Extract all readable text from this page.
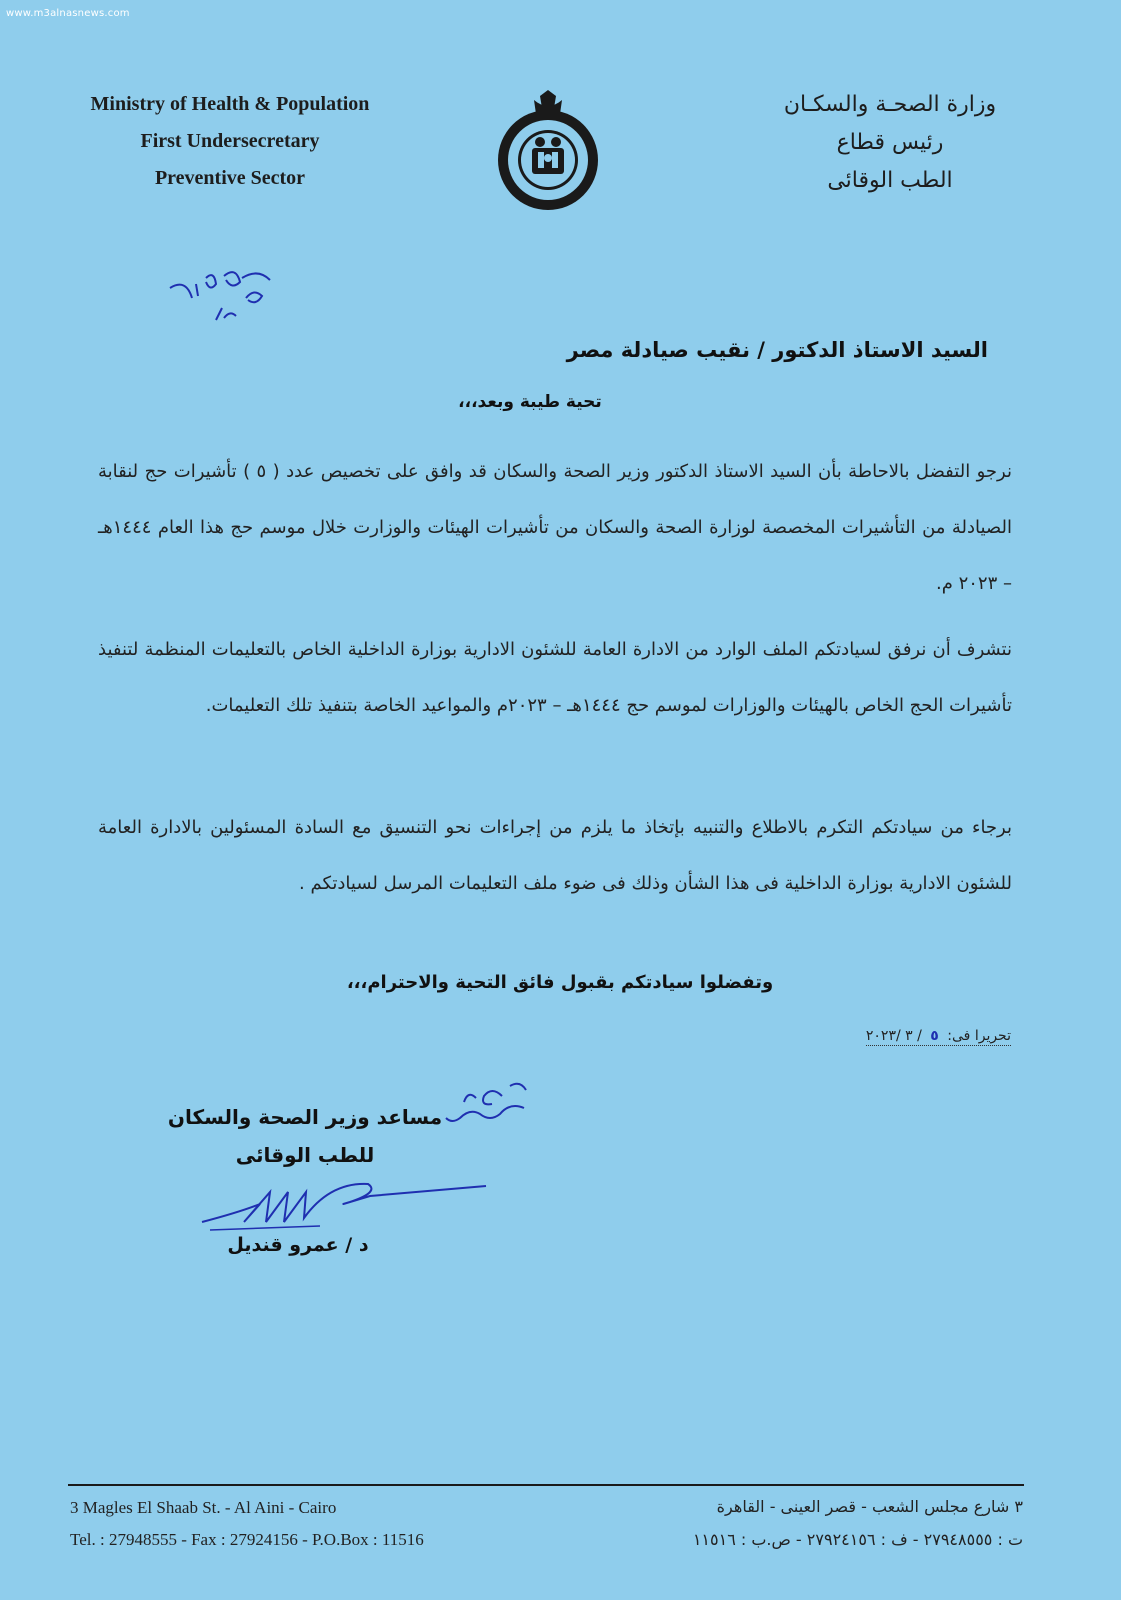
www.m3alnasnews.com
Ministry of Health & Population
First Undersecretary
Preventive Sector
وزارة الصحـة والسكـان
رئيس قطاع
الطب الوقائى
السيد الاستاذ الدكتور / نقيب صيادلة مصر
تحية طيبة وبعد،،،
نرجو التفضل بالاحاطة بأن السيد الاستاذ الدكتور وزير الصحة والسكان قد وافق على تخصيص عدد ( ٥ ) تأشيرات حج لنقابة الصيادلة من التأشيرات المخصصة لوزارة الصحة والسكان من تأشيرات الهيئات والوزارت خلال موسم حج هذا العام ١٤٤٤هـ – ٢٠٢٣ م.
نتشرف أن نرفق لسيادتكم الملف الوارد من الادارة العامة للشئون الادارية بوزارة الداخلية الخاص بالتعليمات المنظمة لتنفيذ تأشيرات الحج الخاص بالهيئات والوزارات لموسم حج ١٤٤٤هـ – ٢٠٢٣م والمواعيد الخاصة بتنفيذ تلك التعليمات.
برجاء من سيادتكم التكرم بالاطلاع والتنبيه بإتخاذ ما يلزم من إجراءات نحو التنسيق مع السادة المسئولين بالادارة العامة للشئون الادارية بوزارة الداخلية فى هذا الشأن وذلك فى ضوء ملف التعليمات المرسل لسيادتكم .
وتفضلوا سيادتكم بقبول فائق التحية والاحترام،،،
تحريرا فى: ٥ / ٣ /٢٠٢٣
مساعد وزير الصحة والسكان
للطب الوقائى
د / عمرو قنديل
3 Magles El Shaab St. - Al Aini - Cairo
Tel. : 27948555 - Fax : 27924156 - P.O.Box : 11516
٣ شارع مجلس الشعب - قصر العينى - القاهرة
ت : ٢٧٩٤٨٥٥٥ - ف : ٢٧٩٢٤١٥٦ - ص.ب : ١١٥١٦
